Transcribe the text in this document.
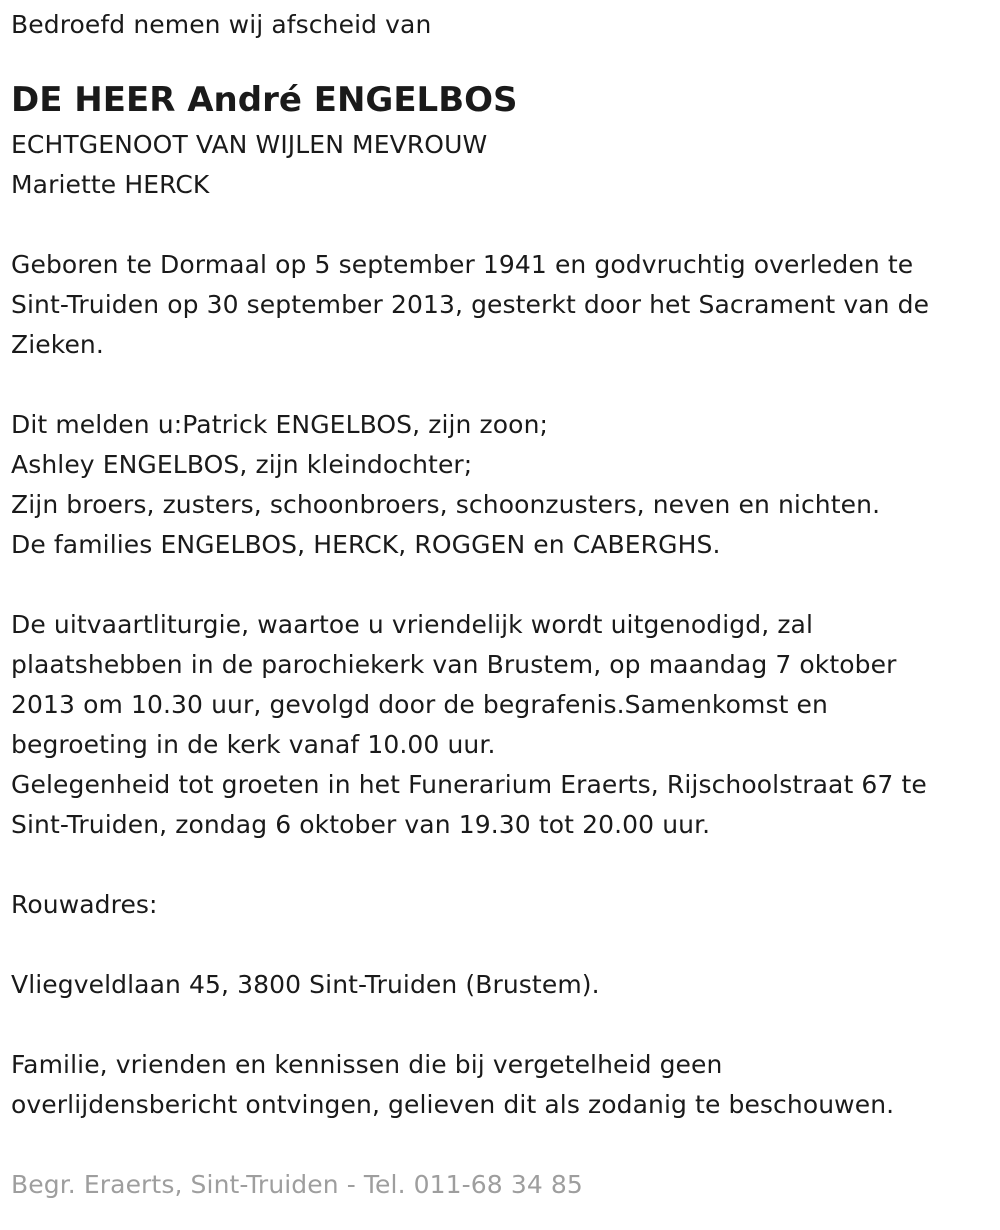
Bedroefd nemen wij afscheid van
DE HEER André ENGELBOS
ECHTGENOOT VAN WIJLEN MEVROUW
Mariette HERCK
Geboren te Dormaal op 5 september 1941 en godvruchtig overleden te
Sint-Truiden op 30 september 2013, gesterkt door het Sacrament van de
Zieken.
Dit melden u:Patrick ENGELBOS, zijn zoon;
Ashley ENGELBOS, zijn kleindochter;
Zijn broers, zusters, schoonbroers, schoonzusters, neven en nichten.
De families ENGELBOS, HERCK, ROGGEN en CABERGHS.
De uitvaartliturgie, waartoe u vriendelijk wordt uitgenodigd, zal
plaatshebben in de parochiekerk van Brustem, op maandag 7 oktober
2013 om 10.30 uur, gevolgd door de begrafenis.Samenkomst en
begroeting in de kerk vanaf 10.00 uur.
Gelegenheid tot groeten in het Funerarium Eraerts, Rijschoolstraat 67 te
Sint-Truiden, zondag 6 oktober van 19.30 tot 20.00 uur.
Rouwadres:
Vliegveldlaan 45, 3800 Sint-Truiden (Brustem).
Familie, vrienden en kennissen die bij vergetelheid geen
overlijdensbericht ontvingen, gelieven dit als zodanig te beschouwen.
Begr. Eraerts, Sint-Truiden - Tel. 011-68 34 85
